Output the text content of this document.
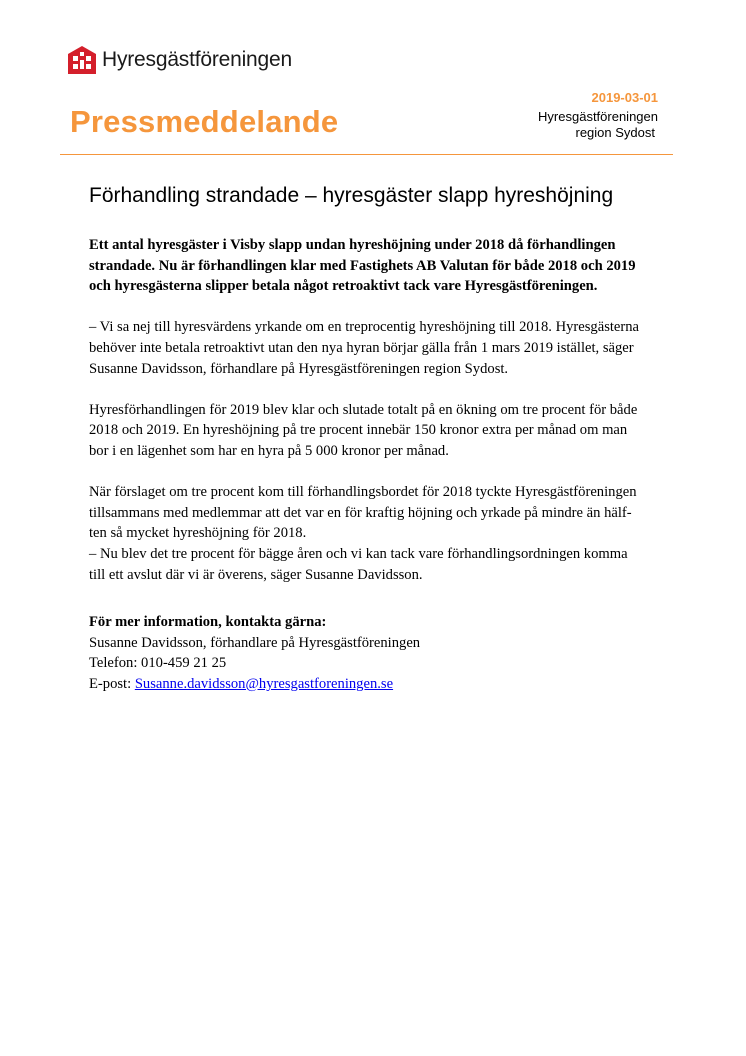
Hyresgästföreningen
Pressmeddelande
2019-03-01
Hyresgästföreningen
region Sydost
Förhandling strandade – hyresgäster slapp hyreshöjning

Ett antal hyresgäster i Visby slapp undan hyreshöjning under 2018 då förhandlingen
strandade. Nu är förhandlingen klar med Fastighets AB Valutan för både 2018 och 2019
och hyresgästerna slipper betala något retroaktivt tack vare Hyresgästföreningen.

– Vi sa nej till hyresvärdens yrkande om en treprocentig hyreshöjning till 2018. Hyresgästerna
behöver inte betala retroaktivt utan den nya hyran börjar gälla från 1 mars 2019 istället, säger
Susanne Davidsson, förhandlare på Hyresgästföreningen region Sydost.

Hyresförhandlingen för 2019 blev klar och slutade totalt på en ökning om tre procent för både
2018 och 2019. En hyreshöjning på tre procent innebär 150 kronor extra per månad om man
bor i en lägenhet som har en hyra på 5 000 kronor per månad.

När förslaget om tre procent kom till förhandlingsbordet för 2018 tyckte Hyresgästföreningen
tillsammans med medlemmar att det var en för kraftig höjning och yrkade på mindre än hälf-
ten så mycket hyreshöjning för 2018.
– Nu blev det tre procent för bägge åren och vi kan tack vare förhandlingsordningen komma
till ett avslut där vi är överens, säger Susanne Davidsson.

För mer information, kontakta gärna:
Susanne Davidsson, förhandlare på Hyresgästföreningen
Telefon: 010-459 21 25
E-post: Susanne.davidsson@hyresgastforeningen.se
